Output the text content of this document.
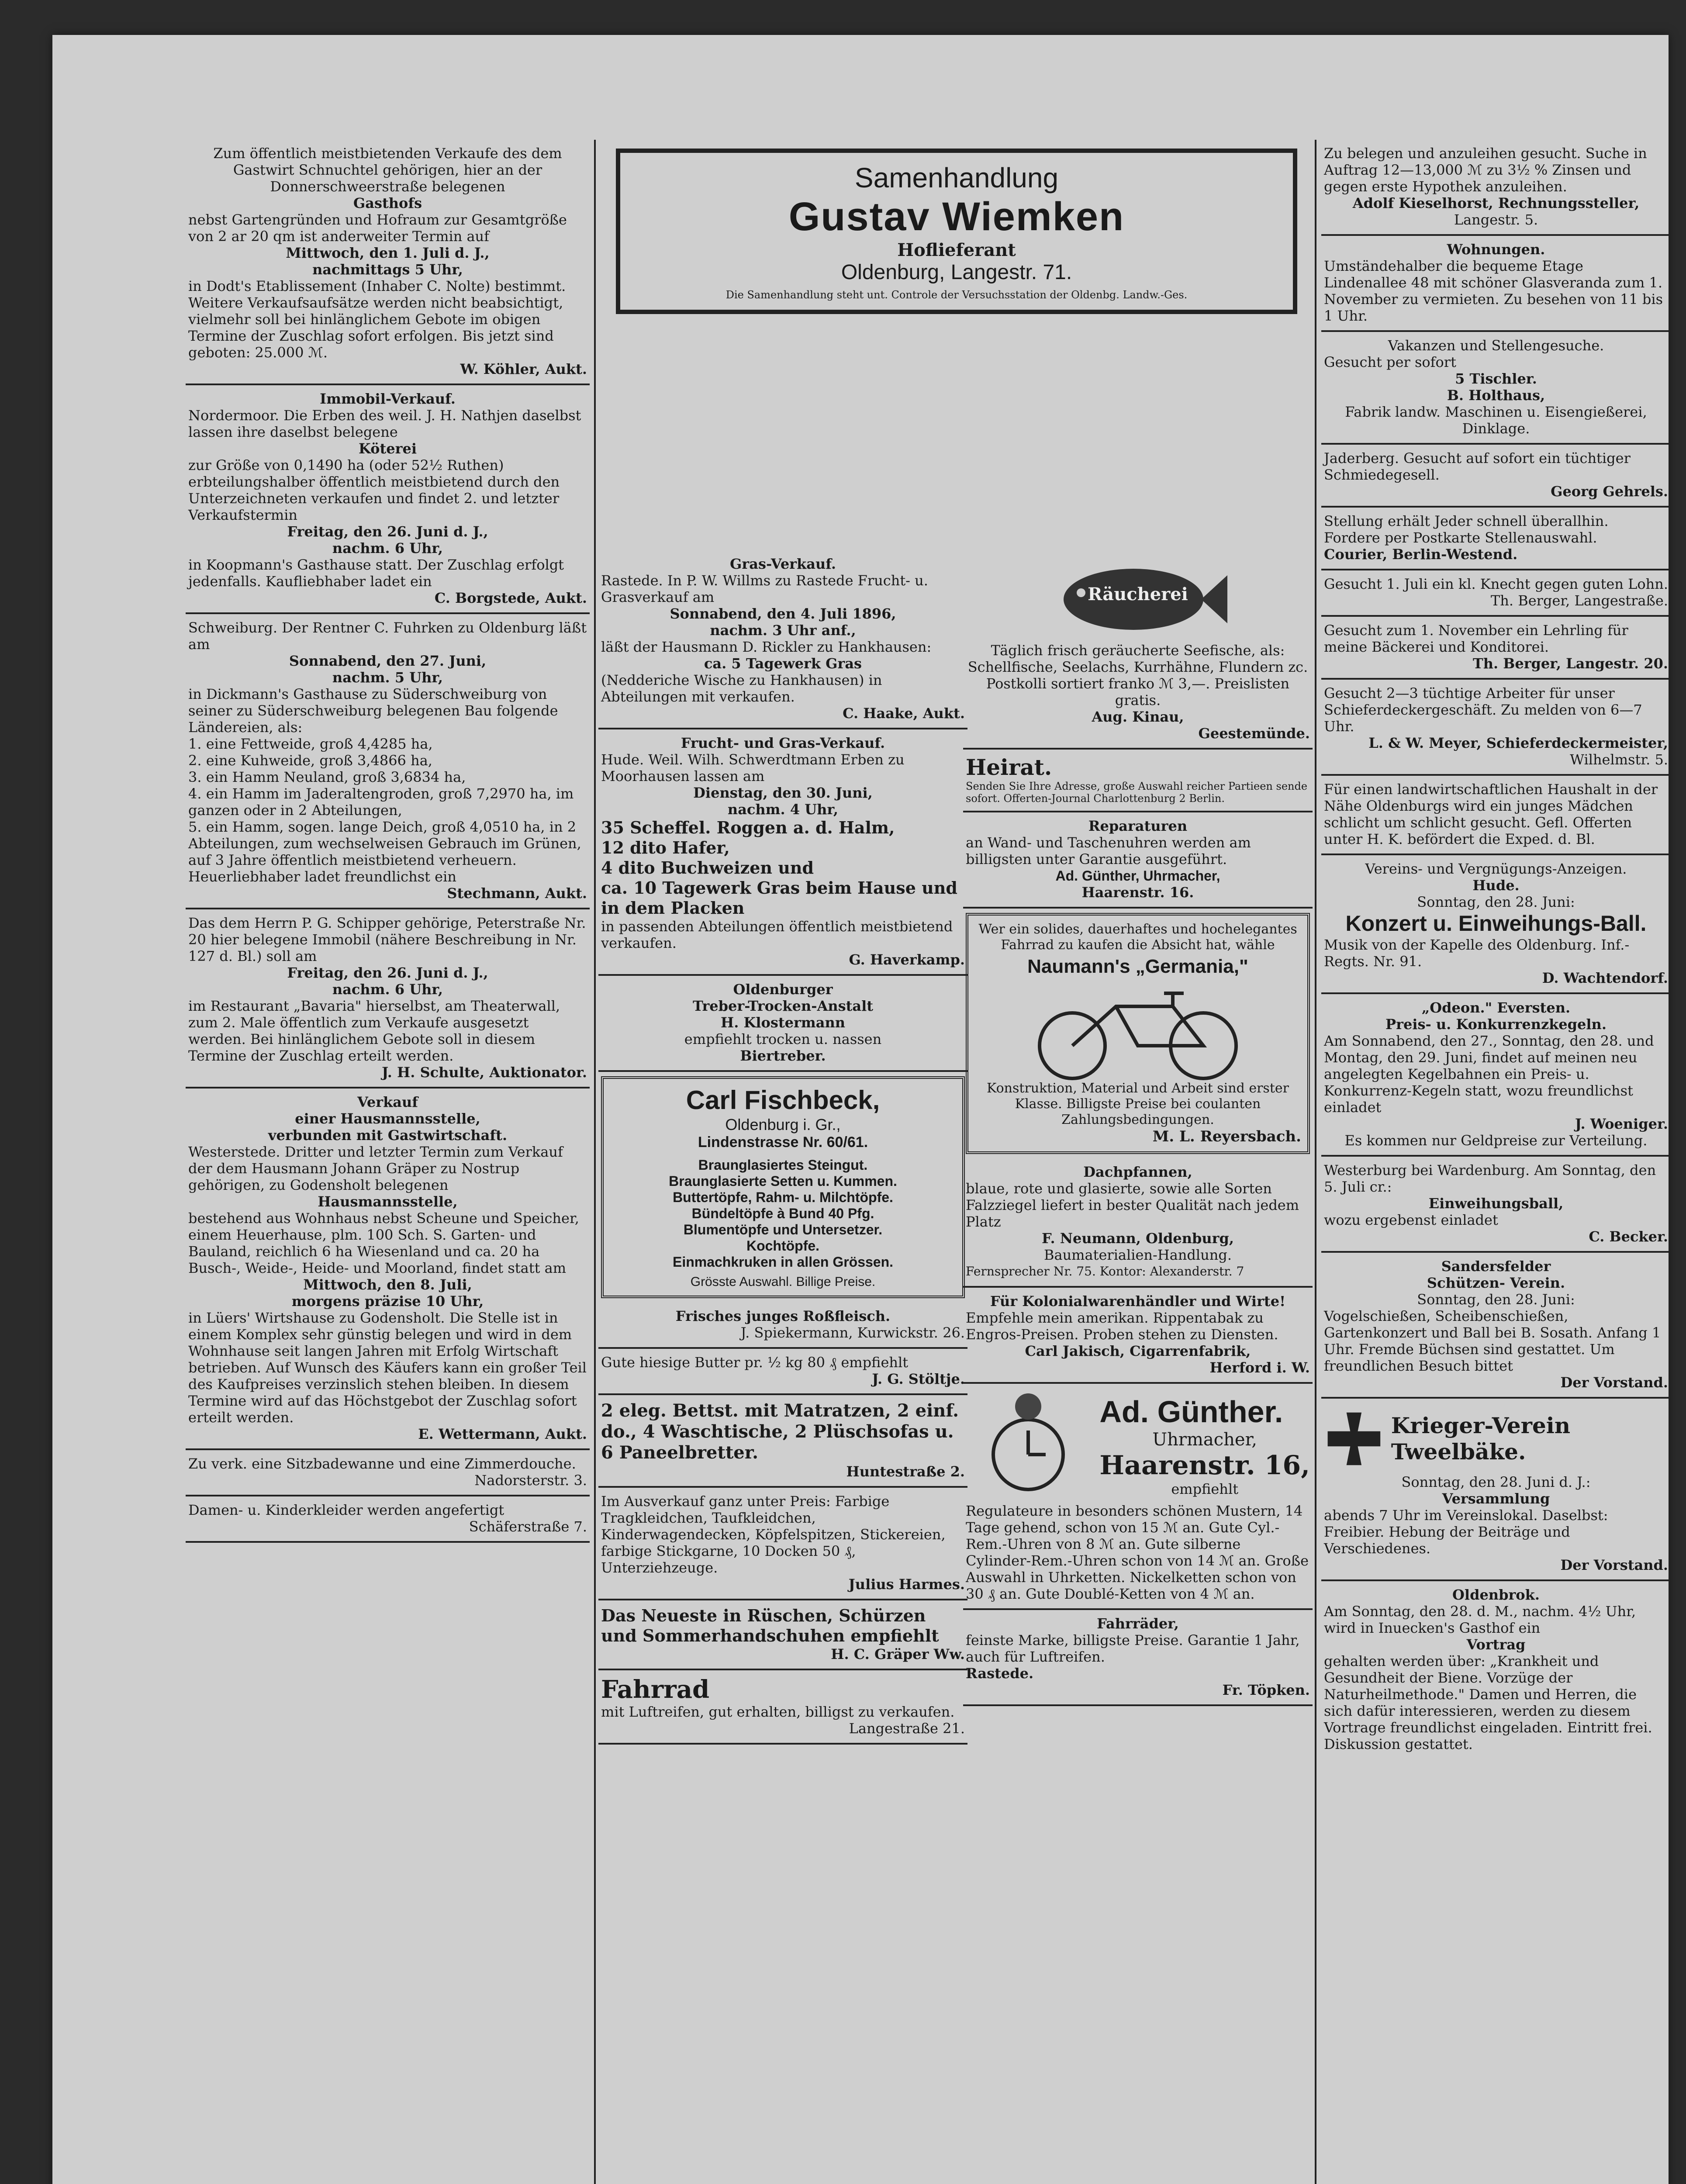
Zum öffentlich meistbietenden Verkaufe des dem Gastwirt Schnuchtel gehörigen, hier an der Donnerschweerstraße belegenen

Gasthofs

nebst Gartengründen und Hofraum zur Gesamtgröße von 2 ar 20 qm ist anderweiter Termin auf

Mittwoch, den 1. Juli d. J.,

nachmittags 5 Uhr,

in Dodt's Etablissement (Inhaber C. Nolte) bestimmt. Weitere Verkaufsaufsätze werden nicht beabsichtigt, vielmehr soll bei hinlänglichem Gebote im obigen Termine der Zuschlag sofort erfolgen. Bis jetzt sind geboten: 25.000 ℳ.

W. Köhler, Aukt.

Immobil-Verkauf.

Nordermoor. Die Erben des weil. J. H. Nathjen daselbst lassen ihre daselbst belegene

Köterei

zur Größe von 0,1490 ha (oder 52½ Ruthen) erbteilungshalber öffentlich meistbietend durch den Unterzeichneten verkaufen und findet 2. und letzter Verkaufstermin

Freitag, den 26. Juni d. J.,

nachm. 6 Uhr,

in Koopmann's Gasthause statt. Der Zuschlag erfolgt jedenfalls. Kaufliebhaber ladet ein

C. Borgstede, Aukt.

Schweiburg. Der Rentner C. Fuhrken zu Oldenburg läßt am

Sonnabend, den 27. Juni,

nachm. 5 Uhr,

in Dickmann's Gasthause zu Süderschweiburg von seiner zu Süderschweiburg belegenen Bau folgende Ländereien, als:

1. eine Fettweide, groß 4,4285 ha,

2. eine Kuhweide, groß 3,4866 ha,

3. ein Hamm Neuland, groß 3,6834 ha,

4. ein Hamm im Jaderaltengroden, groß 7,2970 ha, im ganzen oder in 2 Abteilungen,

5. ein Hamm, sogen. lange Deich, groß 4,0510 ha, in 2 Abteilungen, zum wechselweisen Gebrauch im Grünen,

auf 3 Jahre öffentlich meistbietend verheuern. Heuerliebhaber ladet freundlichst ein

Stechmann, Aukt.

Das dem Herrn P. G. Schipper gehörige, Peterstraße Nr. 20 hier belegene Immobil (nähere Beschreibung in Nr. 127 d. Bl.) soll am

Freitag, den 26. Juni d. J.,

nachm. 6 Uhr,

im Restaurant „Bavaria" hierselbst, am Theaterwall, zum 2. Male öffentlich zum Verkaufe ausgesetzt werden. Bei hinlänglichem Gebote soll in diesem Termine der Zuschlag erteilt werden.

J. H. Schulte, Auktionator.

Verkauf

einer Hausmannsstelle,

verbunden mit Gastwirtschaft.

Westerstede. Dritter und letzter Termin zum Verkauf der dem Hausmann Johann Gräper zu Nostrup gehörigen, zu Godensholt belegenen

Hausmannsstelle,

bestehend aus Wohnhaus nebst Scheune und Speicher, einem Heuerhause, plm. 100 Sch. S. Garten- und Bauland, reichlich 6 ha Wiesenland und ca. 20 ha Busch-, Weide-, Heide- und Moorland, findet statt am

Mittwoch, den 8. Juli,

morgens präzise 10 Uhr,

in Lüers' Wirtshause zu Godensholt. Die Stelle ist in einem Komplex sehr günstig belegen und wird in dem Wohnhause seit langen Jahren mit Erfolg Wirtschaft betrieben. Auf Wunsch des Käufers kann ein großer Teil des Kaufpreises verzinslich stehen bleiben. In diesem Termine wird auf das Höchstgebot der Zuschlag sofort erteilt werden.

E. Wettermann, Aukt.

Zu verk. eine Sitzbadewanne und eine Zimmerdouche.

Nadorsterstr. 3.

Damen- u. Kinderkleider werden angefertigt

Schäferstraße 7.

Samenhandlung

Gustav Wiemken

Hoflieferant

Oldenburg, Langestr. 71.

Die Samenhandlung steht unt. Controle der Versuchsstation der Oldenbg. Landw.-Ges.

Gras-Verkauf.

Rastede. In P. W. Willms zu Rastede Frucht- u. Grasverkauf am

Sonnabend, den 4. Juli 1896,

nachm. 3 Uhr anf.,

läßt der Hausmann D. Rickler zu Hankhausen:

ca. 5 Tagewerk Gras

(Nedderiche Wische zu Hankhausen) in Abteilungen mit verkaufen.

C. Haake, Aukt.

Frucht- und Gras-Verkauf.

Hude. Weil. Wilh. Schwerdtmann Erben zu Moorhausen lassen am

Dienstag, den 30. Juni,

nachm. 4 Uhr,

35 Scheffel. Roggen a. d. Halm,

12 dito Hafer,

4 dito Buchweizen und

ca. 10 Tagewerk Gras beim Hause und in dem Placken

in passenden Abteilungen öffentlich meistbietend verkaufen.

G. Haverkamp.

Oldenburger

Treber-Trocken-Anstalt

H. Klostermann

empfiehlt trocken u. nassen

Biertreber.

Carl Fischbeck,

Oldenburg i. Gr.,

Lindenstrasse Nr. 60/61.

Braunglasiertes Steingut.

Braunglasierte Setten u. Kummen.

Buttertöpfe, Rahm- u. Milchtöpfe.

Bündeltöpfe à Bund 40 Pfg.

Blumentöpfe und Untersetzer.

Kochtöpfe.

Einmachkruken in allen Grössen.

Grösste Auswahl. Billige Preise.

Frisches junges Roßfleisch.

J. Spiekermann, Kurwickstr. 26.

Gute hiesige Butter pr. ½ kg 80 ₰ empfiehlt

J. G. Stöltje.

2 eleg. Bettst. mit Matratzen, 2 einf. do., 4 Waschtische, 2 Plüschsofas u. 6 Paneelbretter.

Huntestraße 2.

Im Ausverkauf ganz unter Preis: Farbige Tragkleidchen, Taufkleidchen, Kinderwagendecken, Köpfelspitzen, Stickereien, farbige Stickgarne, 10 Docken 50 ₰, Unterziehzeuge.

Julius Harmes.

Das Neueste in Rüschen, Schürzen und Sommerhandschuhen empfiehlt

H. C. Gräper Ww.

Fahrrad

mit Luftreifen, gut erhalten, billigst zu verkaufen.

Langestraße 21.

Räucherei

Täglich frisch geräucherte Seefische, als: Schellfische, Seelachs, Kurrhähne, Flundern zc. Postkolli sortiert franko ℳ 3,—. Preislisten gratis.

Aug. Kinau,

Geestemünde.

Heirat.

Senden Sie Ihre Adresse, große Auswahl reicher Partieen sende sofort. Offerten-Journal Charlottenburg 2 Berlin.

Reparaturen

an Wand- und Taschenuhren werden am billigsten unter Garantie ausgeführt.

Ad. Günther, Uhrmacher,

Haarenstr. 16.

Wer ein solides, dauerhaftes und hochelegantes Fahrrad zu kaufen die Absicht hat, wähle

Naumann's „Germania,"

Konstruktion, Material und Arbeit sind erster Klasse. Billigste Preise bei coulanten Zahlungsbedingungen.

M. L. Reyersbach.

Dachpfannen,

blaue, rote und glasierte, sowie alle Sorten Falzziegel liefert in bester Qualität nach jedem Platz

F. Neumann, Oldenburg,

Baumaterialien-Handlung.

Fernsprecher Nr. 75. Kontor: Alexanderstr. 7

Für Kolonialwarenhändler und Wirte!

Empfehle mein amerikan. Rippentabak zu Engros-Preisen. Proben stehen zu Diensten.

Carl Jakisch, Cigarrenfabrik,

Herford i. W.

Ad. Günther.

Uhrmacher,

Haarenstr. 16,

empfiehlt

Regulateure in besonders schönen Mustern, 14 Tage gehend, schon von 15 ℳ an. Gute Cyl.-Rem.-Uhren von 8 ℳ an. Gute silberne Cylinder-Rem.-Uhren schon von 14 ℳ an. Große Auswahl in Uhrketten. Nickelketten schon von 30 ₰ an. Gute Doublé-Ketten von 4 ℳ an.

Fahrräder,

feinste Marke, billigste Preise. Garantie 1 Jahr, auch für Luftreifen.

Rastede.

Fr. Töpken.

Zu belegen und anzuleihen gesucht. Suche in Auftrag 12—13,000 ℳ zu 3½ % Zinsen und gegen erste Hypothek anzuleihen.

Adolf Kieselhorst, Rechnungssteller,

Langestr. 5.

Wohnungen.

Umständehalber die bequeme Etage Lindenallee 48 mit schöner Glasveranda zum 1. November zu vermieten. Zu besehen von 11 bis 1 Uhr.

Vakanzen und Stellengesuche.

Gesucht per sofort

5 Tischler.

B. Holthaus,

Fabrik landw. Maschinen u. Eisengießerei, Dinklage.

Jaderberg. Gesucht auf sofort ein tüchtiger Schmiedegesell.

Georg Gehrels.

Stellung erhält Jeder schnell überallhin. Fordere per Postkarte Stellenauswahl.

Courier, Berlin-Westend.

Gesucht 1. Juli ein kl. Knecht gegen guten Lohn.

Th. Berger, Langestraße.

Gesucht zum 1. November ein Lehrling für meine Bäckerei und Konditorei.

Th. Berger, Langestr. 20.

Gesucht 2—3 tüchtige Arbeiter für unser Schieferdeckergeschäft. Zu melden von 6—7 Uhr.

L. & W. Meyer, Schieferdeckermeister,

Wilhelmstr. 5.

Für einen landwirtschaftlichen Haushalt in der Nähe Oldenburgs wird ein junges Mädchen schlicht um schlicht gesucht. Gefl. Offerten unter H. K. befördert die Exped. d. Bl.

Vereins- und Vergnügungs-Anzeigen.

Hude.

Sonntag, den 28. Juni:

Konzert u. Einweihungs-Ball.

Musik von der Kapelle des Oldenburg. Inf.-Regts. Nr. 91.

D. Wachtendorf.

„Odeon." Eversten.

Preis- u. Konkurrenzkegeln.

Am Sonnabend, den 27., Sonntag, den 28. und Montag, den 29. Juni, findet auf meinen neu angelegten Kegelbahnen ein Preis- u. Konkurrenz-Kegeln statt, wozu freundlichst einladet

J. Woeniger.

Es kommen nur Geldpreise zur Verteilung.

Westerburg bei Wardenburg. Am Sonntag, den 5. Juli cr.:

Einweihungsball,

wozu ergebenst einladet

C. Becker.

Sandersfelder

Schützen- Verein.

Sonntag, den 28. Juni:

Vogelschießen, Scheibenschießen, Gartenkonzert und Ball bei B. Sosath. Anfang 1 Uhr. Fremde Büchsen sind gestattet. Um freundlichen Besuch bittet

Der Vorstand.

Krieger-Verein Tweelbäke.

Sonntag, den 28. Juni d. J.:

Versammlung

abends 7 Uhr im Vereinslokal. Daselbst: Freibier. Hebung der Beiträge und Verschiedenes.

Der Vorstand.

Oldenbrok.

Am Sonntag, den 28. d. M., nachm. 4½ Uhr, wird in Inuecken's Gasthof ein

Vortrag

gehalten werden über: „Krankheit und Gesundheit der Biene. Vorzüge der Naturheilmethode." Damen und Herren, die sich dafür interessieren, werden zu diesem Vortrage freundlichst eingeladen. Eintritt frei. Diskussion gestattet.
